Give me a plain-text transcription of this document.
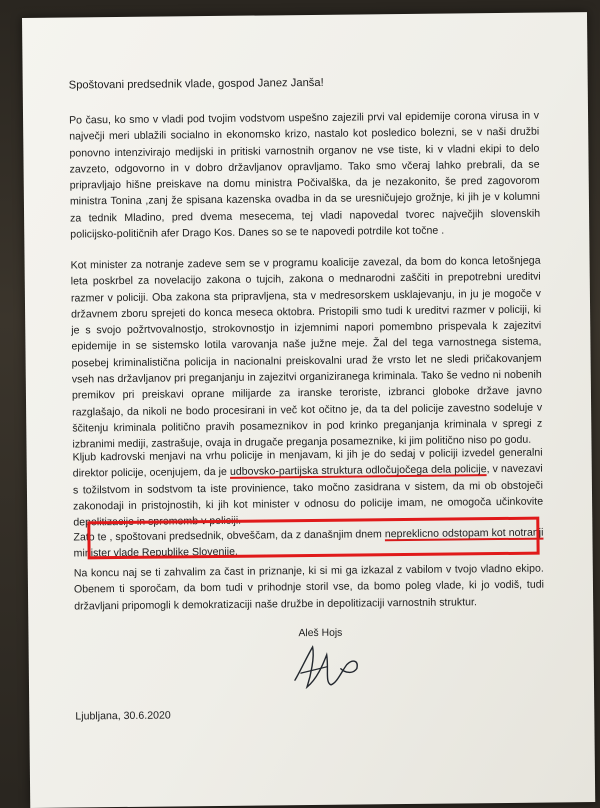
Spoštovani predsednik vlade, gospod Janez Janša!

Po času, ko smo v vladi pod tvojim vodstvom uspešno zajezili prvi val epidemije corona virusa in v največji meri ublažili socialno in ekonomsko krizo, nastalo kot posledico bolezni, se v naši družbi ponovno intenzivirajo medijski in pritiski varnostnih organov ne vse tiste, ki v vladni ekipi to delo zavzeto, odgovorno in v dobro državljanov opravljamo. Tako smo včeraj lahko prebrali, da se pripravljajo hišne preiskave na domu ministra Počivalška, da je nezakonito, še pred zagovorom ministra Tonina ,zanj že spisana kazenska ovadba in da se uresničujejo grožnje, ki jih je v kolumni za tednik Mladino, pred dvema mesecema, tej vladi napovedal tvorec največjih slovenskih policijsko-političnih afer Drago Kos. Danes so se te napovedi potrdile kot točne .

Kot minister za notranje zadeve sem se v programu koalicije zavezal, da bom do konca letošnjega leta poskrbel za novelacijo zakona o tujcih, zakona o mednarodni zaščiti in prepotrebni ureditvi razmer v policiji. Oba zakona sta pripravljena, sta v medresorskem usklajevanju, in ju je mogoče v državnem zboru sprejeti do konca meseca oktobra. Pristopili smo tudi k ureditvi razmer v policiji, ki je s svojo požrtvovalnostjo, strokovnostjo in izjemnimi napori pomembno prispevala k zajezitvi epidemije in se sistemsko lotila varovanja naše južne meje. Žal del tega varnostnega sistema, posebej kriminalistična policija in nacionalni preiskovalni urad že vrsto let ne sledi pričakovanjem vseh nas državljanov pri preganjanju in zajezitvi organiziranega kriminala. Tako še vedno ni nobenih premikov pri preiskavi oprane milijarde za iranske teroriste, izbranci globoke države javno razglašajo, da nikoli ne bodo procesirani in več kot očitno je, da ta del policije zavestno sodeluje v ščitenju kriminala politično pravih posameznikov in pod krinko preganjanja kriminala v spregi z izbranimi mediji, zastrašuje, ovaja in drugače preganja posameznike, ki jim politično niso po godu.

Kljub kadrovski menjavi na vrhu policije in menjavam, ki jih je do sedaj v policiji izvedel generalni direktor policije, ocenjujem, da je udbovsko-partijska struktura odločujočega dela policije, v navezavi s tožilstvom in sodstvom ta iste provinience, tako močno zasidrana v sistem, da mi ob obstoječi zakonodaji in pristojnostih, ki jih kot minister v odnosu do policije imam, ne omogoča učinkovite depolitizacije in sprememb v policiji.

Zato te , spoštovani predsednik, obveščam, da z današnjim dnem nepreklicno odstopam kot notranji minister vlade Republike Slovenije.

Na koncu naj se ti zahvalim za čast in priznanje, ki si mi ga izkazal z vabilom v tvojo vladno ekipo. Obenem ti sporočam, da bom tudi v prihodnje storil vse, da bomo poleg vlade, ki jo vodiš, tudi državljani pripomogli k demokratizaciji naše družbe in depolitizaciji varnostnih struktur.

Aleš Hojs
Ljubljana, 30.6.2020
